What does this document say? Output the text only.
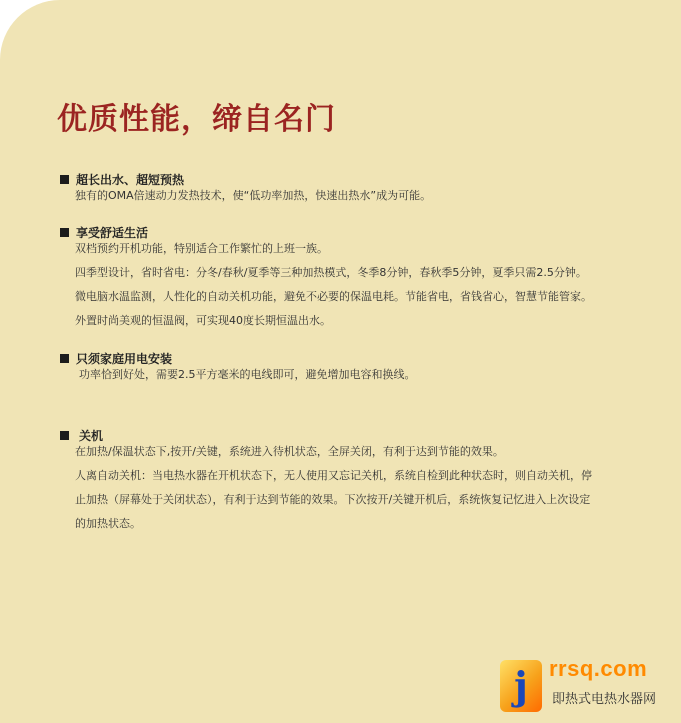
优质性能，缔自名门
超长出水、超短预热
独有的OMA倍速动力发热技术，使“低功率加热，快速出热水”成为可能。
享受舒适生活
双档预约开机功能，特别适合工作繁忙的上班一族。
四季型设计，省时省电：分冬/春秋/夏季等三种加热模式，冬季8分钟，春秋季5分钟，夏季只需2.5分钟。
微电脑水温监测，人性化的自动关机功能，避免不必要的保温电耗。节能省电，省钱省心，智慧节能管家。
外置时尚美观的恒温阀，可实现40度长期恒温出水。
只须家庭用电安装
功率恰到好处，需要2.5平方毫米的电线即可，避免增加电容和换线。
关机
在加热/保温状态下,按开/关键，系统进入待机状态，全屏关闭，有利于达到节能的效果。
人离自动关机：当电热水器在开机状态下，无人使用又忘记关机，系统自检到此种状态时，则自动关机，停
止加热（屏幕处于关闭状态），有利于达到节能的效果。下次按开/关键开机后，系统恢复记忆进入上次设定
的加热状态。
j rrsq.com
即热式电热水器网
